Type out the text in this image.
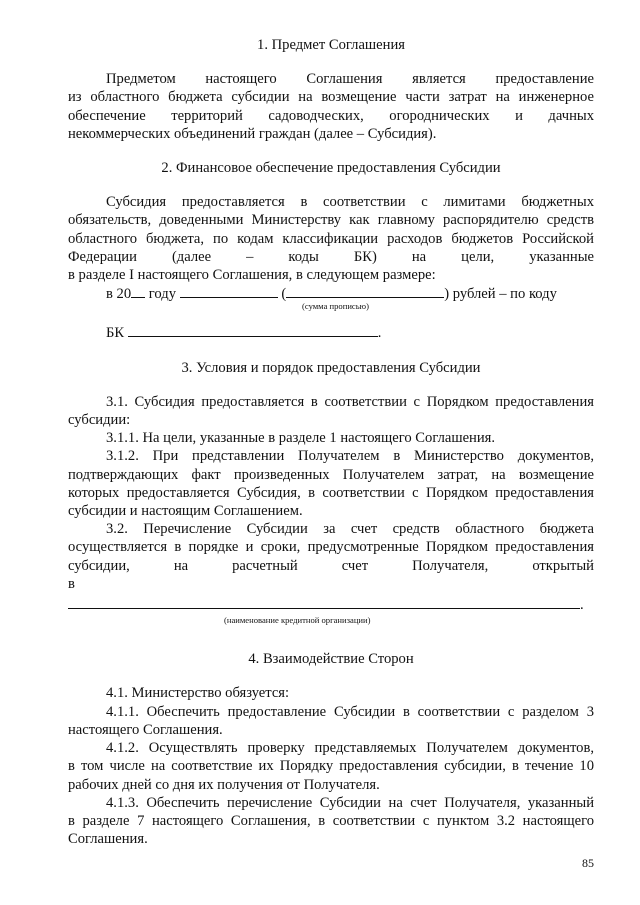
1. Предмет Соглашения

Предметом настоящего Соглашения является предоставление

из областного бюджета субсидии на возмещение части затрат на инженерное

обеспечение территорий садоводческих, огороднических и дачных

некоммерческих объединений граждан (далее – Субсидия).

2. Финансовое обеспечение предоставления Субсидии

Субсидия предоставляется в соответствии с лимитами бюджетных

обязательств, доведенными Министерству как главному распорядителю средств

областного бюджета, по кодам классификации расходов бюджетов Российской

Федерации (далее – коды БК) на цели, указанные

в разделе I настоящего Соглашения, в следующем размере:

в 20 году	(	) рублей – по коду

(сумма прописью)

БК	.

3. Условия и порядок предоставления Субсидии

3.1. Субсидия предоставляется в соответствии с Порядком предоставления субсидии:

3.1.1. На цели, указанные в разделе 1 настоящего Соглашения.

3.1.2. При представлении Получателем в Министерство документов,

подтверждающих факт произведенных Получателем затрат, на возмещение

которых предоставляется Субсидия, в соответствии с Порядком предоставления

субсидии и настоящим Соглашением.

3.2. Перечисление Субсидии за счет средств областного бюджета

осуществляется в порядке и сроки, предусмотренные Порядком предоставления

субсидии, на расчетный счет Получателя, открытый

в

.

(наименование кредитной организации)

4. Взаимодействие Сторон

4.1. Министерство обязуется:

4.1.1. Обеспечить предоставление Субсидии в соответствии с разделом 3

настоящего Соглашения.

4.1.2. Осуществлять проверку представляемых Получателем документов,

в том числе на соответствие их Порядку предоставления субсидии, в течение 10

рабочих дней со дня их получения от Получателя.

4.1.3. Обеспечить перечисление Субсидии на счет Получателя, указанный

в разделе 7 настоящего Соглашения, в соответствии с пунктом 3.2 настоящего

Соглашения.

85
